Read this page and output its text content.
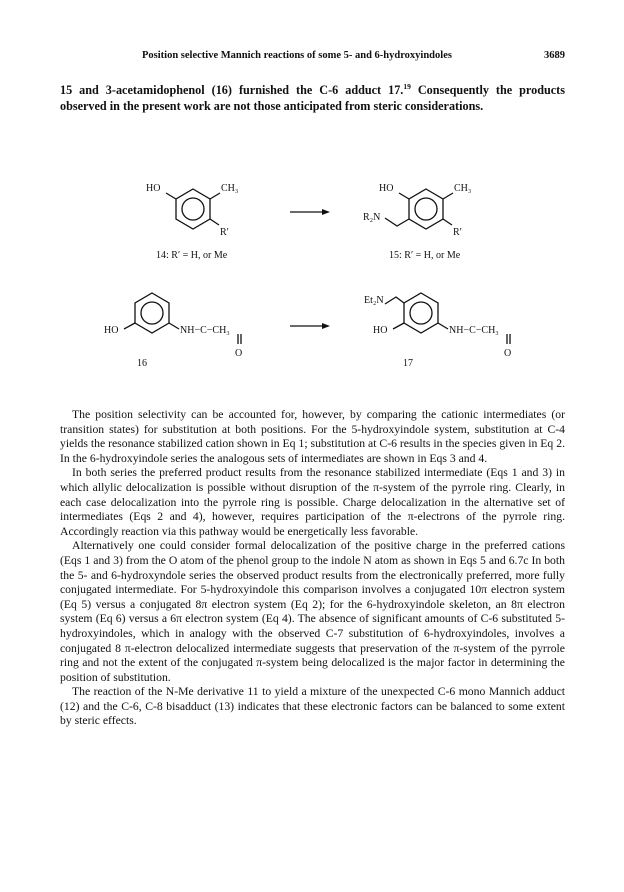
Position selective Mannich reactions of some 5- and 6-hydroxyindoles	3689
15 and 3-acetamidophenol (16) furnished the C-6 adduct 17.19 Consequently the products observed in the present work are not those anticipated from steric considerations.
HO	CH₃
R′
14: R′ = H, or Me
HO	CH₃
R₂N
R′
15: R′ = H, or Me
HO	NH−C−CH₃
O
16
Et₂N
HO	NH−C−CH₃
O
17

The position selectivity can be accounted for, however, by comparing the cationic intermediates (or transition states) for substitution at both positions. For the 5-hydroxyindole system, substitution at C-4 yields the resonance stabilized cation shown in Eq 1; substitution at C-6 results in the species given in Eq 2. In the 6-hydroxyindole series the analogous sets of intermediates are shown in Eqs 3 and 4.

In both series the preferred product results from the resonance stabilized intermediate (Eqs 1 and 3) in which allylic delocalization is possible without disruption of the π-system of the pyrrole ring. Clearly, in each case delocalization into the pyrrole ring is possible. Charge delocalization in the alternative set of intermediates (Eqs 2 and 4), however, requires participation of the π-electrons of the pyrrole ring. Accordingly reaction via this pathway would be energetically less favorable.

Alternatively one could consider formal delocalization of the positive charge in the preferred cations (Eqs 1 and 3) from the O atom of the phenol group to the indole N atom as shown in Eqs 5 and 6.7c In both the 5- and 6-hydroxyndole series the observed product results from the electronically preferred, more fully conjugated intermediate. For 5-hydroxyindole this comparison involves a conjugated 10π electron system (Eq 5) versus a conjugated 8π electron system (Eq 2); for the 6-hydroxyindole skeleton, an 8π electron system (Eq 6) versus a 6π electron system (Eq 4). The absence of significant amounts of C-6 substituted 5-hydroxyindoles, which in analogy with the observed C-7 substitution of 6-hydroxyindoles, involves a conjugated 8 π-electron delocalized intermediate suggests that preservation of the π-system of the pyrrole ring and not the extent of the conjugated π-system being delocalized is the major factor in determining the position of substitution.

The reaction of the N-Me derivative 11 to yield a mixture of the unexpected C-6 mono Mannich adduct (12) and the C-6, C-8 bisadduct (13) indicates that these electronic factors can be balanced to some extent by steric effects.
